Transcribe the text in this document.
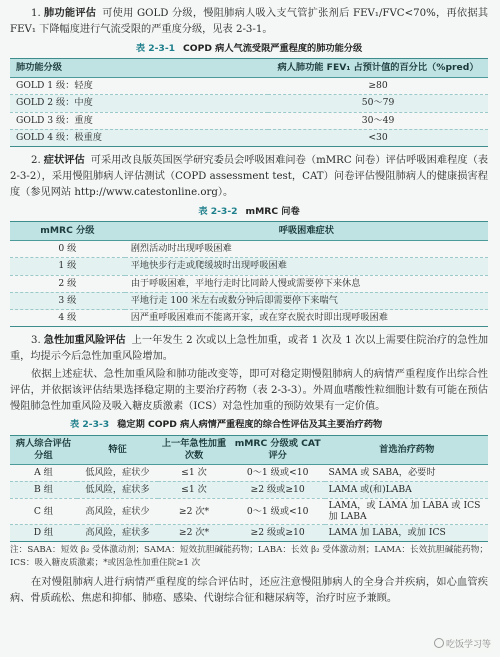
1. 肺功能评估 可使用 GOLD 分级，慢阻肺病人吸入支气管扩张剂后 FEV₁/FVC<70%，再依据其 FEV₁ 下降幅度进行气流受限的严重度分级，见表 2-3-1。

表 2-3-1 COPD 病人气流受限严重程度的肺功能分级
肺功能分级	病人肺功能 FEV₁ 占预计值的百分比（%pred）
GOLD 1 级：轻度	≥80
GOLD 2 级：中度	50～79
GOLD 3 级：重度	30～49
GOLD 4 级：极重度	<30

2. 症状评估 可采用改良版英国医学研究委员会呼吸困难问卷（mMRC 问卷）评估呼吸困难程度（表 2-3-2），采用慢阻肺病人评估测试（COPD assessment test，CAT）问卷评估慢阻肺病人的健康损害程度（参见网站 http://www.catestonline.org）。

表 2-3-2 mMRC 问卷
mMRC 分级	呼吸困难症状
0 级	剧烈活动时出现呼吸困难
1 级	平地快步行走或爬缓坡时出现呼吸困难
2 级	由于呼吸困难，平地行走时比同龄人慢或需要停下来休息
3 级	平地行走 100 米左右或数分钟后即需要停下来喘气
4 级	因严重呼吸困难而不能离开家，或在穿衣脱衣时即出现呼吸困难

3. 急性加重风险评估 上一年发生 2 次或以上急性加重，或者 1 次及 1 次以上需要住院治疗的急性加重，均提示今后急性加重风险增加。

依据上述症状、急性加重风险和肺功能改变等，即可对稳定期慢阻肺病人的病情严重程度作出综合性评估，并依据该评估结果选择稳定期的主要治疗药物（表 2-3-3）。外周血嗜酸性粒细胞计数有可能在预估慢阻肺急性加重风险及吸入糖皮质激素（ICS）对急性加重的预防效果有一定价值。

表 2-3-3 稳定期 COPD 病人病情严重程度的综合性评估及其主要治疗药物
病人综合评估分组	特征	上一年急性加重次数	mMRC 分级或 CAT 评分	首选治疗药物
A 组	低风险，症状少	≤1 次	0～1 级或<10	SAMA 或 SABA，必要时
B 组	低风险，症状多	≤1 次	≥2 级或≥10	LAMA 或(和)LABA
C 组	高风险，症状少	≥2 次*	0～1 级或<10	LAMA，或 LAMA 加 LABA 或 ICS 加 LABA
D 组	高风险，症状多	≥2 次*	≥2 级或≥10	LAMA 加 LABA，或加 ICS

注：SABA：短效 β₂ 受体激动剂；SAMA：短效抗胆碱能药物；LABA：长效 β₂ 受体激动剂；LAMA：长效抗胆碱能药物；ICS：吸入糖皮质激素；*或因急性加重住院≥1 次

在对慢阻肺病人进行病情严重程度的综合评估时，还应注意慢阻肺病人的全身合并疾病，如心血管疾病、骨质疏松、焦虑和抑郁、肺癌、感染、代谢综合征和糖尿病等，治疗时应予兼顾。

吃饭学习等
